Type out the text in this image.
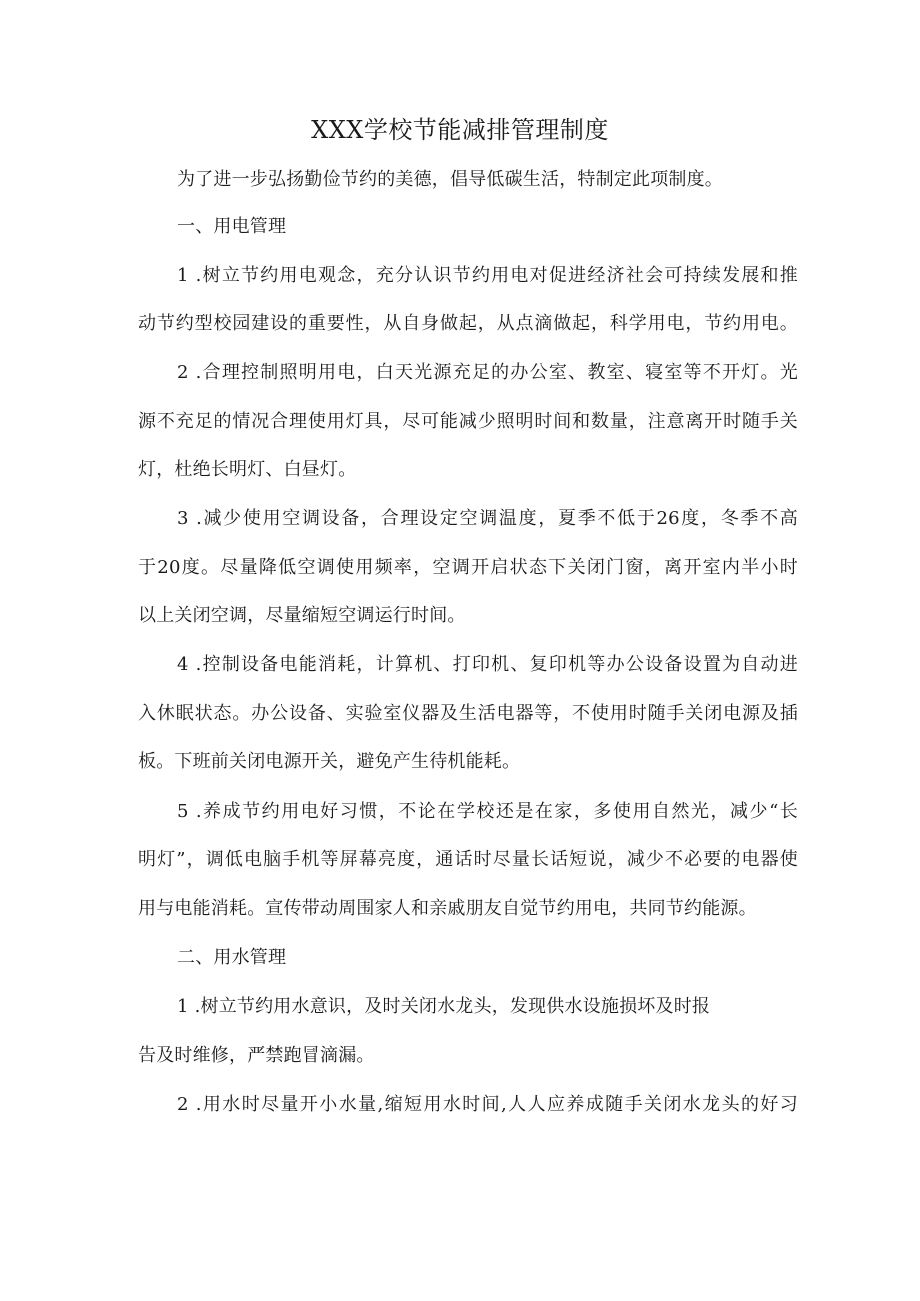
XXX学校节能减排管理制度
为了进一步弘扬勤俭节约的美德，倡导低碳生活，特制定此项制度。
一、用电管理
1 .树立节约用电观念，充分认识节约用电对促进经济社会可持续发展和推
动节约型校园建设的重要性，从自身做起，从点滴做起，科学用电，节约用电。
2 .合理控制照明用电，白天光源充足的办公室、教室、寝室等不开灯。光
源不充足的情况合理使用灯具，尽可能减少照明时间和数量，注意离开时随手关
灯，杜绝长明灯、白昼灯。
3 .减少使用空调设备，合理设定空调温度，夏季不低于26度，冬季不高
于20度。尽量降低空调使用频率，空调开启状态下关闭门窗，离开室内半小时
以上关闭空调，尽量缩短空调运行时间。
4 .控制设备电能消耗，计算机、打印机、复印机等办公设备设置为自动进
入休眠状态。办公设备、实验室仪器及生活电器等，不使用时随手关闭电源及插
板。下班前关闭电源开关，避免产生待机能耗。
5 .养成节约用电好习惯，不论在学校还是在家，多使用自然光，减少“长
明灯”，调低电脑手机等屏幕亮度，通话时尽量长话短说，减少不必要的电器使
用与电能消耗。宣传带动周围家人和亲戚朋友自觉节约用电，共同节约能源。
二、用水管理
1 .树立节约用水意识，及时关闭水龙头，发现供水设施损坏及时报
告及时维修，严禁跑冒滴漏。
2 .用水时尽量开小水量,缩短用水时间,人人应养成随手关闭水龙头的好习
